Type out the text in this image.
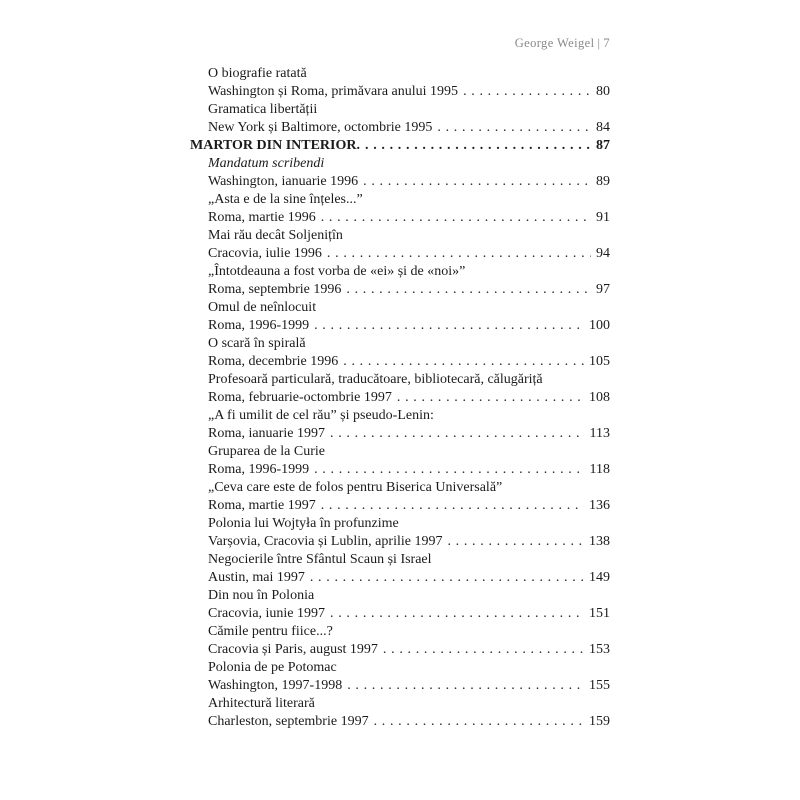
George Weigel | 7
O biografie ratată
Washington și Roma, primăvara anului 1995 . . .	80
Gramatica libertății
New York și Baltimore, octombrie 1995 . . .	84
MARTOR DIN INTERIOR. . . .	87
Mandatum scribendi
Washington, ianuarie 1996 . . .	89
„Asta e de la sine înțeles...”
Roma, martie 1996 . . .	91
Mai rău decât Soljenițîn
Cracovia, iulie 1996 . . .	94
„Întotdeauna a fost vorba de «ei» și de «noi»”
Roma, septembrie 1996 . . .	97
Omul de neînlocuit
Roma, 1996-1999 . . .	100
O scară în spirală
Roma, decembrie 1996 . . .	105
Profesoară particulară, traducătoare, bibliotecară, călugăriță
Roma, februarie-octombrie 1997 . . .	108
„A fi umilit de cel rău” și pseudo-Lenin:
Roma, ianuarie 1997 . . .	113
Gruparea de la Curie
Roma, 1996-1999 . . .	118
„Ceva care este de folos pentru Biserica Universală”
Roma, martie 1997 . . .	136
Polonia lui Wojtyła în profunzime
Varșovia, Cracovia și Lublin, aprilie 1997 . . .	138
Negocierile între Sfântul Scaun și Israel
Austin, mai 1997 . . .	149
Din nou în Polonia
Cracovia, iunie 1997 . . .	151
Cămile pentru fiice...?
Cracovia și Paris, august 1997 . . .	153
Polonia de pe Potomac
Washington, 1997-1998 . . .	155
Arhitectură literară
Charleston, septembrie 1997 . . .	159
